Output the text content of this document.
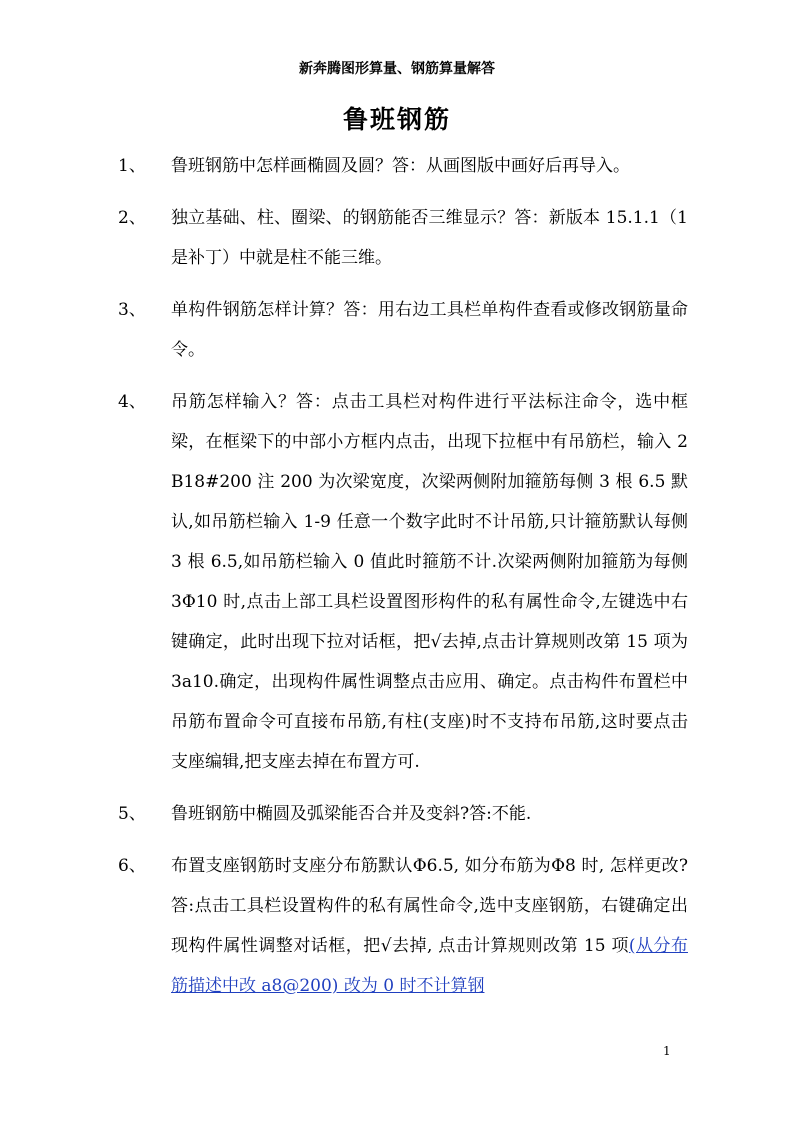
新奔腾图形算量、钢筋算量解答
鲁班钢筋
1、 鲁班钢筋中怎样画椭圆及圆？答：从画图版中画好后再导入。
2、 独立基础、柱、圈梁、的钢筋能否三维显示？答：新版本 15.1.1（1 是补丁）中就是柱不能三维。
3、 单构件钢筋怎样计算？答：用右边工具栏单构件查看或修改钢筋量命令。
4、 吊筋怎样输入？答：点击工具栏对构件进行平法标注命令，选中框梁，在框梁下的中部小方框内点击，出现下拉框中有吊筋栏，输入 2B18#200 注 200 为次梁宽度，次梁两侧附加箍筋每侧 3 根 6.5 默认,如吊筋栏输入 1-9 任意一个数字此时不计吊筋,只计箍筋默认每侧 3 根 6.5,如吊筋栏输入 0 值此时箍筋不计.次梁两侧附加箍筋为每侧 3Φ10 时,点击上部工具栏设置图形构件的私有属性命令,左键选中右键确定，此时出现下拉对话框，把√去掉,点击计算规则改第 15 项为 3a10.确定，出现构件属性调整点击应用、确定。点击构件布置栏中吊筋布置命令可直接布吊筋,有柱(支座)时不支持布吊筋,这时要点击支座编辑,把支座去掉在布置方可.
5、 鲁班钢筋中椭圆及弧梁能否合并及变斜?答:不能.
6、 布置支座钢筋时支座分布筋默认Φ6.5, 如分布筋为Φ8 时, 怎样更改?答:点击工具栏设置构件的私有属性命令,选中支座钢筋，右键确定出现构件属性调整对话框，把√去掉, 点击计算规则改第 15 项(从分布筋描述中改 a8@200) 改为 0 时不计算钢
1
